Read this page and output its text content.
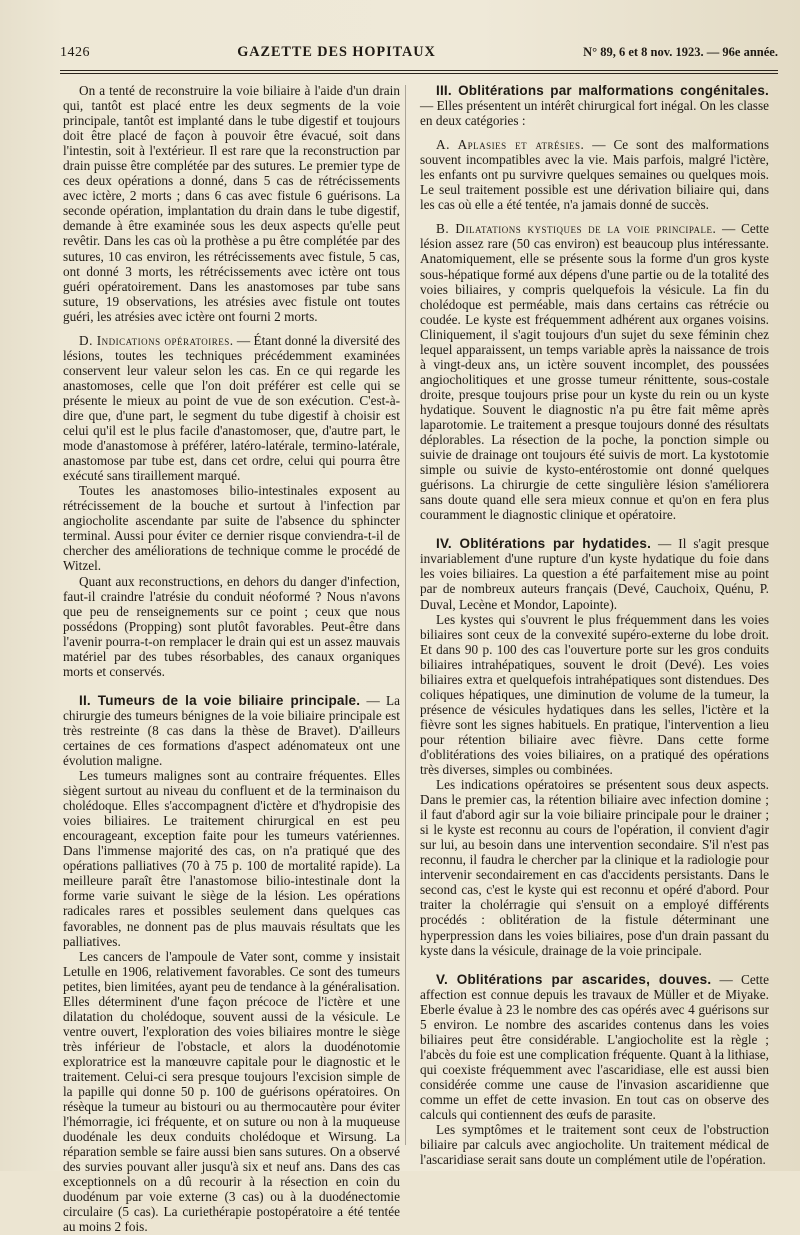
1426	GAZETTE DES HOPITAUX	N° 89, 6 et 8 nov. 1923. — 96e année.

On a tenté de reconstruire la voie biliaire à l'aide d'un drain qui, tantôt est placé entre les deux segments de la voie principale, tantôt est implanté dans le tube digestif et toujours doit être placé de façon à pouvoir être évacué, soit dans l'intestin, soit à l'extérieur. Il est rare que la reconstruction par drain puisse être complétée par des sutures. Le premier type de ces deux opérations a donné, dans 5 cas de rétrécissements avec ictère, 2 morts ; dans 6 cas avec fistule 6 guérisons. La seconde opération, implantation du drain dans le tube digestif, demande à être examinée sous les deux aspects qu'elle peut revêtir. Dans les cas où la prothèse a pu être complétée par des sutures, 10 cas environ, les rétrécissements avec fistule, 5 cas, ont donné 3 morts, les rétrécissements avec ictère ont tous guéri opératoirement. Dans les anastomoses par tube sans suture, 19 observations, les atrésies avec fistule ont toutes guéri, les atrésies avec ictère ont fourni 2 morts.

D. Indications opératoires. — Étant donné la diversité des lésions, toutes les techniques précédemment examinées conservent leur valeur selon les cas. En ce qui regarde les anastomoses, celle que l'on doit préférer est celle qui se présente le mieux au point de vue de son exécution. C'est-à-dire que, d'une part, le segment du tube digestif à choisir est celui qu'il est le plus facile d'anastomoser, que, d'autre part, le mode d'anastomose à préférer, latéro-latérale, termino-latérale, anastomose par tube est, dans cet ordre, celui qui pourra être exécuté sans tiraillement marqué.

Toutes les anastomoses bilio-intestinales exposent au rétrécissement de la bouche et surtout à l'infection par angiocholite ascendante par suite de l'absence du sphincter terminal. Aussi pour éviter ce dernier risque conviendra-t-il de chercher des améliorations de technique comme le procédé de Witzel.

Quant aux reconstructions, en dehors du danger d'infection, faut-il craindre l'atrésie du conduit néoformé ? Nous n'avons que peu de renseignements sur ce point ; ceux que nous possédons (Propping) sont plutôt favorables. Peut-être dans l'avenir pourra-t-on remplacer le drain qui est un assez mauvais matériel par des tubes résorbables, des canaux organiques morts et conservés.

II. Tumeurs de la voie biliaire principale. — La chirurgie des tumeurs bénignes de la voie biliaire principale est très restreinte (8 cas dans la thèse de Bravet). D'ailleurs certaines de ces formations d'aspect adénomateux ont une évolution maligne.

Les tumeurs malignes sont au contraire fréquentes. Elles siègent surtout au niveau du confluent et de la terminaison du cholédoque. Elles s'accompagnent d'ictère et d'hydropisie des voies biliaires. Le traitement chirurgical en est peu encourageant, exception faite pour les tumeurs vatériennes. Dans l'immense majorité des cas, on n'a pratiqué que des opérations palliatives (70 à 75 p. 100 de mortalité rapide). La meilleure paraît être l'anastomose bilio-intestinale dont la forme varie suivant le siège de la lésion. Les opérations radicales rares et possibles seulement dans quelques cas favorables, ne donnent pas de plus mauvais résultats que les palliatives.

Les cancers de l'ampoule de Vater sont, comme y insistait Letulle en 1906, relativement favorables. Ce sont des tumeurs petites, bien limitées, ayant peu de tendance à la généralisation. Elles déterminent d'une façon précoce de l'ictère et une dilatation du cholédoque, souvent aussi de la vésicule. Le ventre ouvert, l'exploration des voies biliaires montre le siège très inférieur de l'obstacle, et alors la duodénotomie exploratrice est la manœuvre capitale pour le diagnostic et le traitement. Celui-ci sera presque toujours l'excision simple de la papille qui donne 50 p. 100 de guérisons opératoires. On résèque la tumeur au bistouri ou au thermocautère pour éviter l'hémorragie, ici fréquente, et on suture ou non à la muqueuse duodénale les deux conduits cholédoque et Wirsung. La réparation semble se faire aussi bien sans sutures. On a observé des survies pouvant aller jusqu'à six et neuf ans. Dans des cas exceptionnels on a dû recourir à la résection en coin du duodénum par voie externe (3 cas) ou à la duodénectomie circulaire (5 cas). La curiethérapie postopératoire a été tentée au moins 2 fois.

III. Oblitérations par malformations congénitales. — Elles présentent un intérêt chirurgical fort inégal. On les classe en deux catégories :

A. Aplasies et atrésies. — Ce sont des malformations souvent incompatibles avec la vie. Mais parfois, malgré l'ictère, les enfants ont pu survivre quelques semaines ou quelques mois. Le seul traitement possible est une dérivation biliaire qui, dans les cas où elle a été tentée, n'a jamais donné de succès.

B. Dilatations kystiques de la voie principale. — Cette lésion assez rare (50 cas environ) est beaucoup plus intéressante. Anatomiquement, elle se présente sous la forme d'un gros kyste sous-hépatique formé aux dépens d'une partie ou de la totalité des voies biliaires, y compris quelquefois la vésicule. La fin du cholédoque est perméable, mais dans certains cas rétrécie ou coudée. Le kyste est fréquemment adhérent aux organes voisins. Cliniquement, il s'agit toujours d'un sujet du sexe féminin chez lequel apparaissent, un temps variable après la naissance de trois à vingt-deux ans, un ictère souvent incomplet, des poussées angiocholitiques et une grosse tumeur rénittente, sous-costale droite, presque toujours prise pour un kyste du rein ou un kyste hydatique. Souvent le diagnostic n'a pu être fait même après laparotomie. Le traitement a presque toujours donné des résultats déplorables. La résection de la poche, la ponction simple ou suivie de drainage ont toujours été suivis de mort. La kystotomie simple ou suivie de kysto-entérostomie ont donné quelques guérisons. La chirurgie de cette singulière lésion s'améliorera sans doute quand elle sera mieux connue et qu'on en fera plus couramment le diagnostic clinique et opératoire.

IV. Oblitérations par hydatides. — Il s'agit presque invariablement d'une rupture d'un kyste hydatique du foie dans les voies biliaires. La question a été parfaitement mise au point par de nombreux auteurs français (Devé, Cauchoix, Quénu, P. Duval, Lecène et Mondor, Lapointe).

Les kystes qui s'ouvrent le plus fréquemment dans les voies biliaires sont ceux de la convexité supéro-externe du lobe droit. Et dans 90 p. 100 des cas l'ouverture porte sur les gros conduits biliaires intrahépatiques, souvent le droit (Devé). Les voies biliaires extra et quelquefois intrahépatiques sont distendues. Des coliques hépatiques, une diminution de volume de la tumeur, la présence de vésicules hydatiques dans les selles, l'ictère et la fièvre sont les signes habituels. En pratique, l'intervention a lieu pour rétention biliaire avec fièvre. Dans cette forme d'oblitérations des voies biliaires, on a pratiqué des opérations très diverses, simples ou combinées.

Les indications opératoires se présentent sous deux aspects. Dans le premier cas, la rétention biliaire avec infection domine ; il faut d'abord agir sur la voie biliaire principale pour le drainer ; si le kyste est reconnu au cours de l'opération, il convient d'agir sur lui, au besoin dans une intervention secondaire. S'il n'est pas reconnu, il faudra le chercher par la clinique et la radiologie pour intervenir secondairement en cas d'accidents persistants. Dans le second cas, c'est le kyste qui est reconnu et opéré d'abord. Pour traiter la cholérragie qui s'ensuit on a employé différents procédés : oblitération de la fistule déterminant une hyperpression dans les voies biliaires, pose d'un drain passant du kyste dans la vésicule, drainage de la voie principale.

V. Oblitérations par ascarides, douves. — Cette affection est connue depuis les travaux de Müller et de Miyake. Eberle évalue à 23 le nombre des cas opérés avec 4 guérisons sur 5 environ. Le nombre des ascarides contenus dans les voies biliaires peut être considérable. L'angiocholite est la règle ; l'abcès du foie est une complication fréquente. Quant à la lithiase, qui coexiste fréquemment avec l'ascaridiase, elle est aussi bien considérée comme une cause de l'invasion ascaridienne que comme un effet de cette invasion. En tout cas on observe des calculs qui contiennent des œufs de parasite.

Les symptômes et le traitement sont ceux de l'obstruction biliaire par calculs avec angiocholite. Un traitement médical de l'ascaridiase serait sans doute un complément utile de l'opération.
